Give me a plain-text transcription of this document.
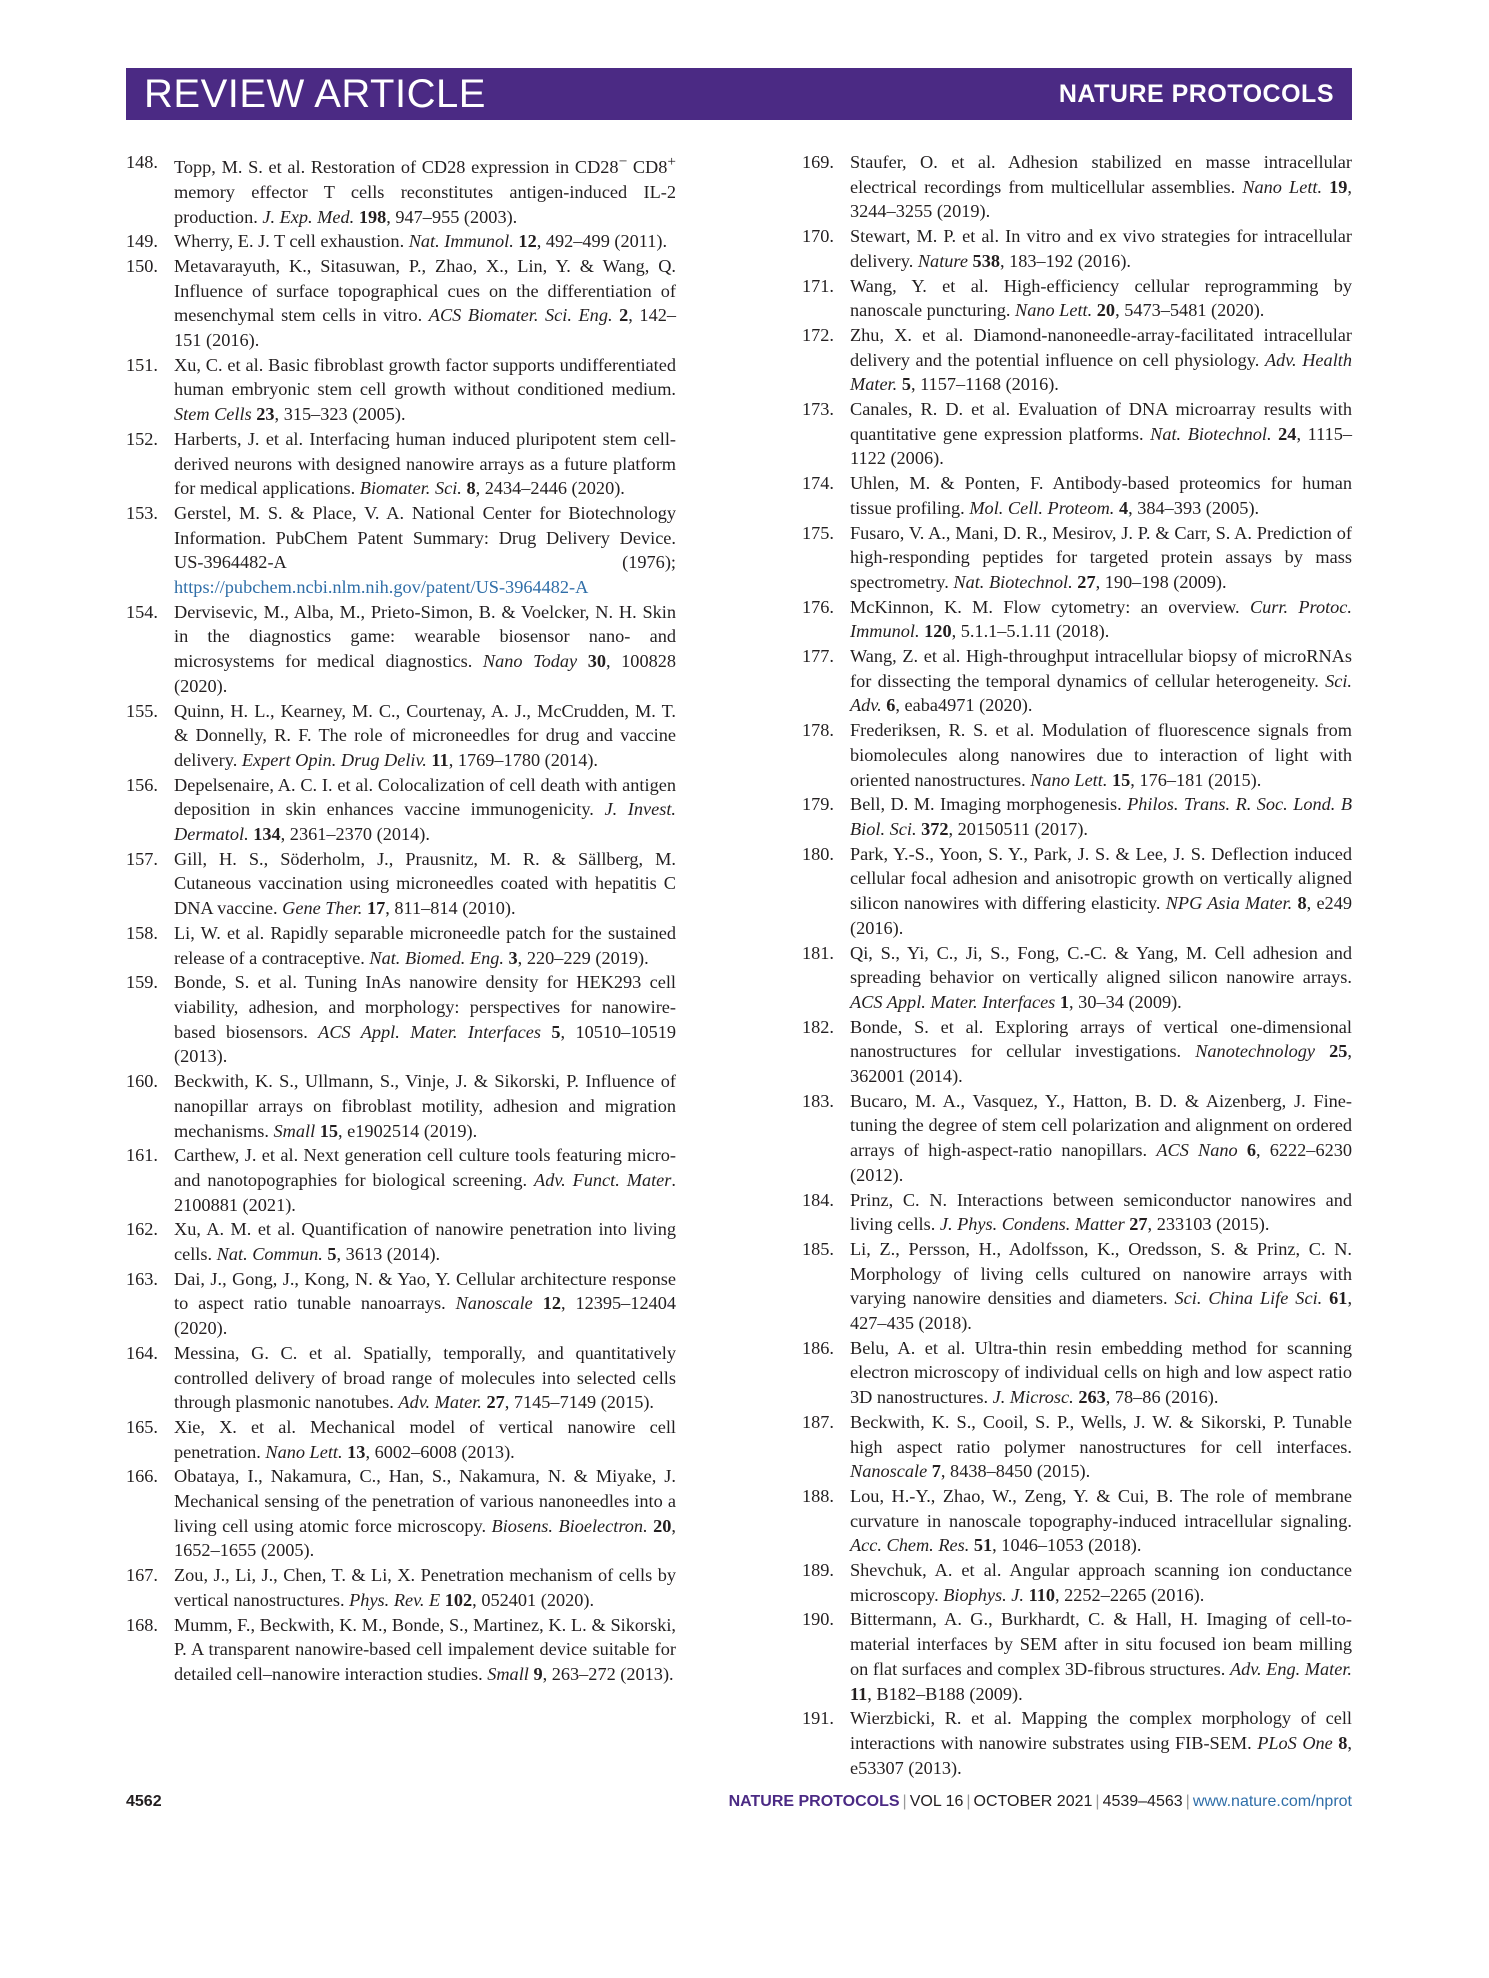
REVIEW ARTICLE	NATURE PROTOCOLS
148. Topp, M. S. et al. Restoration of CD28 expression in CD28− CD8+ memory effector T cells reconstitutes antigen-induced IL-2 production. J. Exp. Med. 198, 947–955 (2003).
149. Wherry, E. J. T cell exhaustion. Nat. Immunol. 12, 492–499 (2011).
150. Metavarayuth, K., Sitasuwan, P., Zhao, X., Lin, Y. & Wang, Q. Influence of surface topographical cues on the differentiation of mesenchymal stem cells in vitro. ACS Biomater. Sci. Eng. 2, 142–151 (2016).
151. Xu, C. et al. Basic fibroblast growth factor supports undifferentiated human embryonic stem cell growth without conditioned medium. Stem Cells 23, 315–323 (2005).
152. Harberts, J. et al. Interfacing human induced pluripotent stem cell-derived neurons with designed nanowire arrays as a future platform for medical applications. Biomater. Sci. 8, 2434–2446 (2020).
153. Gerstel, M. S. & Place, V. A. National Center for Biotechnology Information. PubChem Patent Summary: Drug Delivery Device. US-3964482-A (1976); https://pubchem.ncbi.nlm.nih.gov/patent/US-3964482-A
154. Dervisevic, M., Alba, M., Prieto-Simon, B. & Voelcker, N. H. Skin in the diagnostics game: wearable biosensor nano- and microsystems for medical diagnostics. Nano Today 30, 100828 (2020).
155. Quinn, H. L., Kearney, M. C., Courtenay, A. J., McCrudden, M. T. & Donnelly, R. F. The role of microneedles for drug and vaccine delivery. Expert Opin. Drug Deliv. 11, 1769–1780 (2014).
156. Depelsenaire, A. C. I. et al. Colocalization of cell death with antigen deposition in skin enhances vaccine immunogenicity. J. Invest. Dermatol. 134, 2361–2370 (2014).
157. Gill, H. S., Söderholm, J., Prausnitz, M. R. & Sällberg, M. Cutaneous vaccination using microneedles coated with hepatitis C DNA vaccine. Gene Ther. 17, 811–814 (2010).
158. Li, W. et al. Rapidly separable microneedle patch for the sustained release of a contraceptive. Nat. Biomed. Eng. 3, 220–229 (2019).
159. Bonde, S. et al. Tuning InAs nanowire density for HEK293 cell viability, adhesion, and morphology: perspectives for nanowire-based biosensors. ACS Appl. Mater. Interfaces 5, 10510–10519 (2013).
160. Beckwith, K. S., Ullmann, S., Vinje, J. & Sikorski, P. Influence of nanopillar arrays on fibroblast motility, adhesion and migration mechanisms. Small 15, e1902514 (2019).
161. Carthew, J. et al. Next generation cell culture tools featuring micro- and nanotopographies for biological screening. Adv. Funct. Mater. 2100881 (2021).
162. Xu, A. M. et al. Quantification of nanowire penetration into living cells. Nat. Commun. 5, 3613 (2014).
163. Dai, J., Gong, J., Kong, N. & Yao, Y. Cellular architecture response to aspect ratio tunable nanoarrays. Nanoscale 12, 12395–12404 (2020).
164. Messina, G. C. et al. Spatially, temporally, and quantitatively controlled delivery of broad range of molecules into selected cells through plasmonic nanotubes. Adv. Mater. 27, 7145–7149 (2015).
165. Xie, X. et al. Mechanical model of vertical nanowire cell penetration. Nano Lett. 13, 6002–6008 (2013).
166. Obataya, I., Nakamura, C., Han, S., Nakamura, N. & Miyake, J. Mechanical sensing of the penetration of various nanoneedles into a living cell using atomic force microscopy. Biosens. Bioelectron. 20, 1652–1655 (2005).
167. Zou, J., Li, J., Chen, T. & Li, X. Penetration mechanism of cells by vertical nanostructures. Phys. Rev. E 102, 052401 (2020).
168. Mumm, F., Beckwith, K. M., Bonde, S., Martinez, K. L. & Sikorski, P. A transparent nanowire-based cell impalement device suitable for detailed cell–nanowire interaction studies. Small 9, 263–272 (2013).
169. Staufer, O. et al. Adhesion stabilized en masse intracellular electrical recordings from multicellular assemblies. Nano Lett. 19, 3244–3255 (2019).
170. Stewart, M. P. et al. In vitro and ex vivo strategies for intracellular delivery. Nature 538, 183–192 (2016).
171. Wang, Y. et al. High-efficiency cellular reprogramming by nanoscale puncturing. Nano Lett. 20, 5473–5481 (2020).
172. Zhu, X. et al. Diamond-nanoneedle-array-facilitated intracellular delivery and the potential influence on cell physiology. Adv. Health Mater. 5, 1157–1168 (2016).
173. Canales, R. D. et al. Evaluation of DNA microarray results with quantitative gene expression platforms. Nat. Biotechnol. 24, 1115–1122 (2006).
174. Uhlen, M. & Ponten, F. Antibody-based proteomics for human tissue profiling. Mol. Cell. Proteom. 4, 384–393 (2005).
175. Fusaro, V. A., Mani, D. R., Mesirov, J. P. & Carr, S. A. Prediction of high-responding peptides for targeted protein assays by mass spectrometry. Nat. Biotechnol. 27, 190–198 (2009).
176. McKinnon, K. M. Flow cytometry: an overview. Curr. Protoc. Immunol. 120, 5.1.1–5.1.11 (2018).
177. Wang, Z. et al. High-throughput intracellular biopsy of microRNAs for dissecting the temporal dynamics of cellular heterogeneity. Sci. Adv. 6, eaba4971 (2020).
178. Frederiksen, R. S. et al. Modulation of fluorescence signals from biomolecules along nanowires due to interaction of light with oriented nanostructures. Nano Lett. 15, 176–181 (2015).
179. Bell, D. M. Imaging morphogenesis. Philos. Trans. R. Soc. Lond. B Biol. Sci. 372, 20150511 (2017).
180. Park, Y.-S., Yoon, S. Y., Park, J. S. & Lee, J. S. Deflection induced cellular focal adhesion and anisotropic growth on vertically aligned silicon nanowires with differing elasticity. NPG Asia Mater. 8, e249 (2016).
181. Qi, S., Yi, C., Ji, S., Fong, C.-C. & Yang, M. Cell adhesion and spreading behavior on vertically aligned silicon nanowire arrays. ACS Appl. Mater. Interfaces 1, 30–34 (2009).
182. Bonde, S. et al. Exploring arrays of vertical one-dimensional nanostructures for cellular investigations. Nanotechnology 25, 362001 (2014).
183. Bucaro, M. A., Vasquez, Y., Hatton, B. D. & Aizenberg, J. Fine-tuning the degree of stem cell polarization and alignment on ordered arrays of high-aspect-ratio nanopillars. ACS Nano 6, 6222–6230 (2012).
184. Prinz, C. N. Interactions between semiconductor nanowires and living cells. J. Phys. Condens. Matter 27, 233103 (2015).
185. Li, Z., Persson, H., Adolfsson, K., Oredsson, S. & Prinz, C. N. Morphology of living cells cultured on nanowire arrays with varying nanowire densities and diameters. Sci. China Life Sci. 61, 427–435 (2018).
186. Belu, A. et al. Ultra-thin resin embedding method for scanning electron microscopy of individual cells on high and low aspect ratio 3D nanostructures. J. Microsc. 263, 78–86 (2016).
187. Beckwith, K. S., Cooil, S. P., Wells, J. W. & Sikorski, P. Tunable high aspect ratio polymer nanostructures for cell interfaces. Nanoscale 7, 8438–8450 (2015).
188. Lou, H.-Y., Zhao, W., Zeng, Y. & Cui, B. The role of membrane curvature in nanoscale topography-induced intracellular signaling. Acc. Chem. Res. 51, 1046–1053 (2018).
189. Shevchuk, A. et al. Angular approach scanning ion conductance microscopy. Biophys. J. 110, 2252–2265 (2016).
190. Bittermann, A. G., Burkhardt, C. & Hall, H. Imaging of cell-to-material interfaces by SEM after in situ focused ion beam milling on flat surfaces and complex 3D-fibrous structures. Adv. Eng. Mater. 11, B182–B188 (2009).
191. Wierzbicki, R. et al. Mapping the complex morphology of cell interactions with nanowire substrates using FIB-SEM. PLoS One 8, e53307 (2013).
4562	NATURE PROTOCOLS | VOL 16 | OCTOBER 2021 | 4539–4563 | www.nature.com/nprot
